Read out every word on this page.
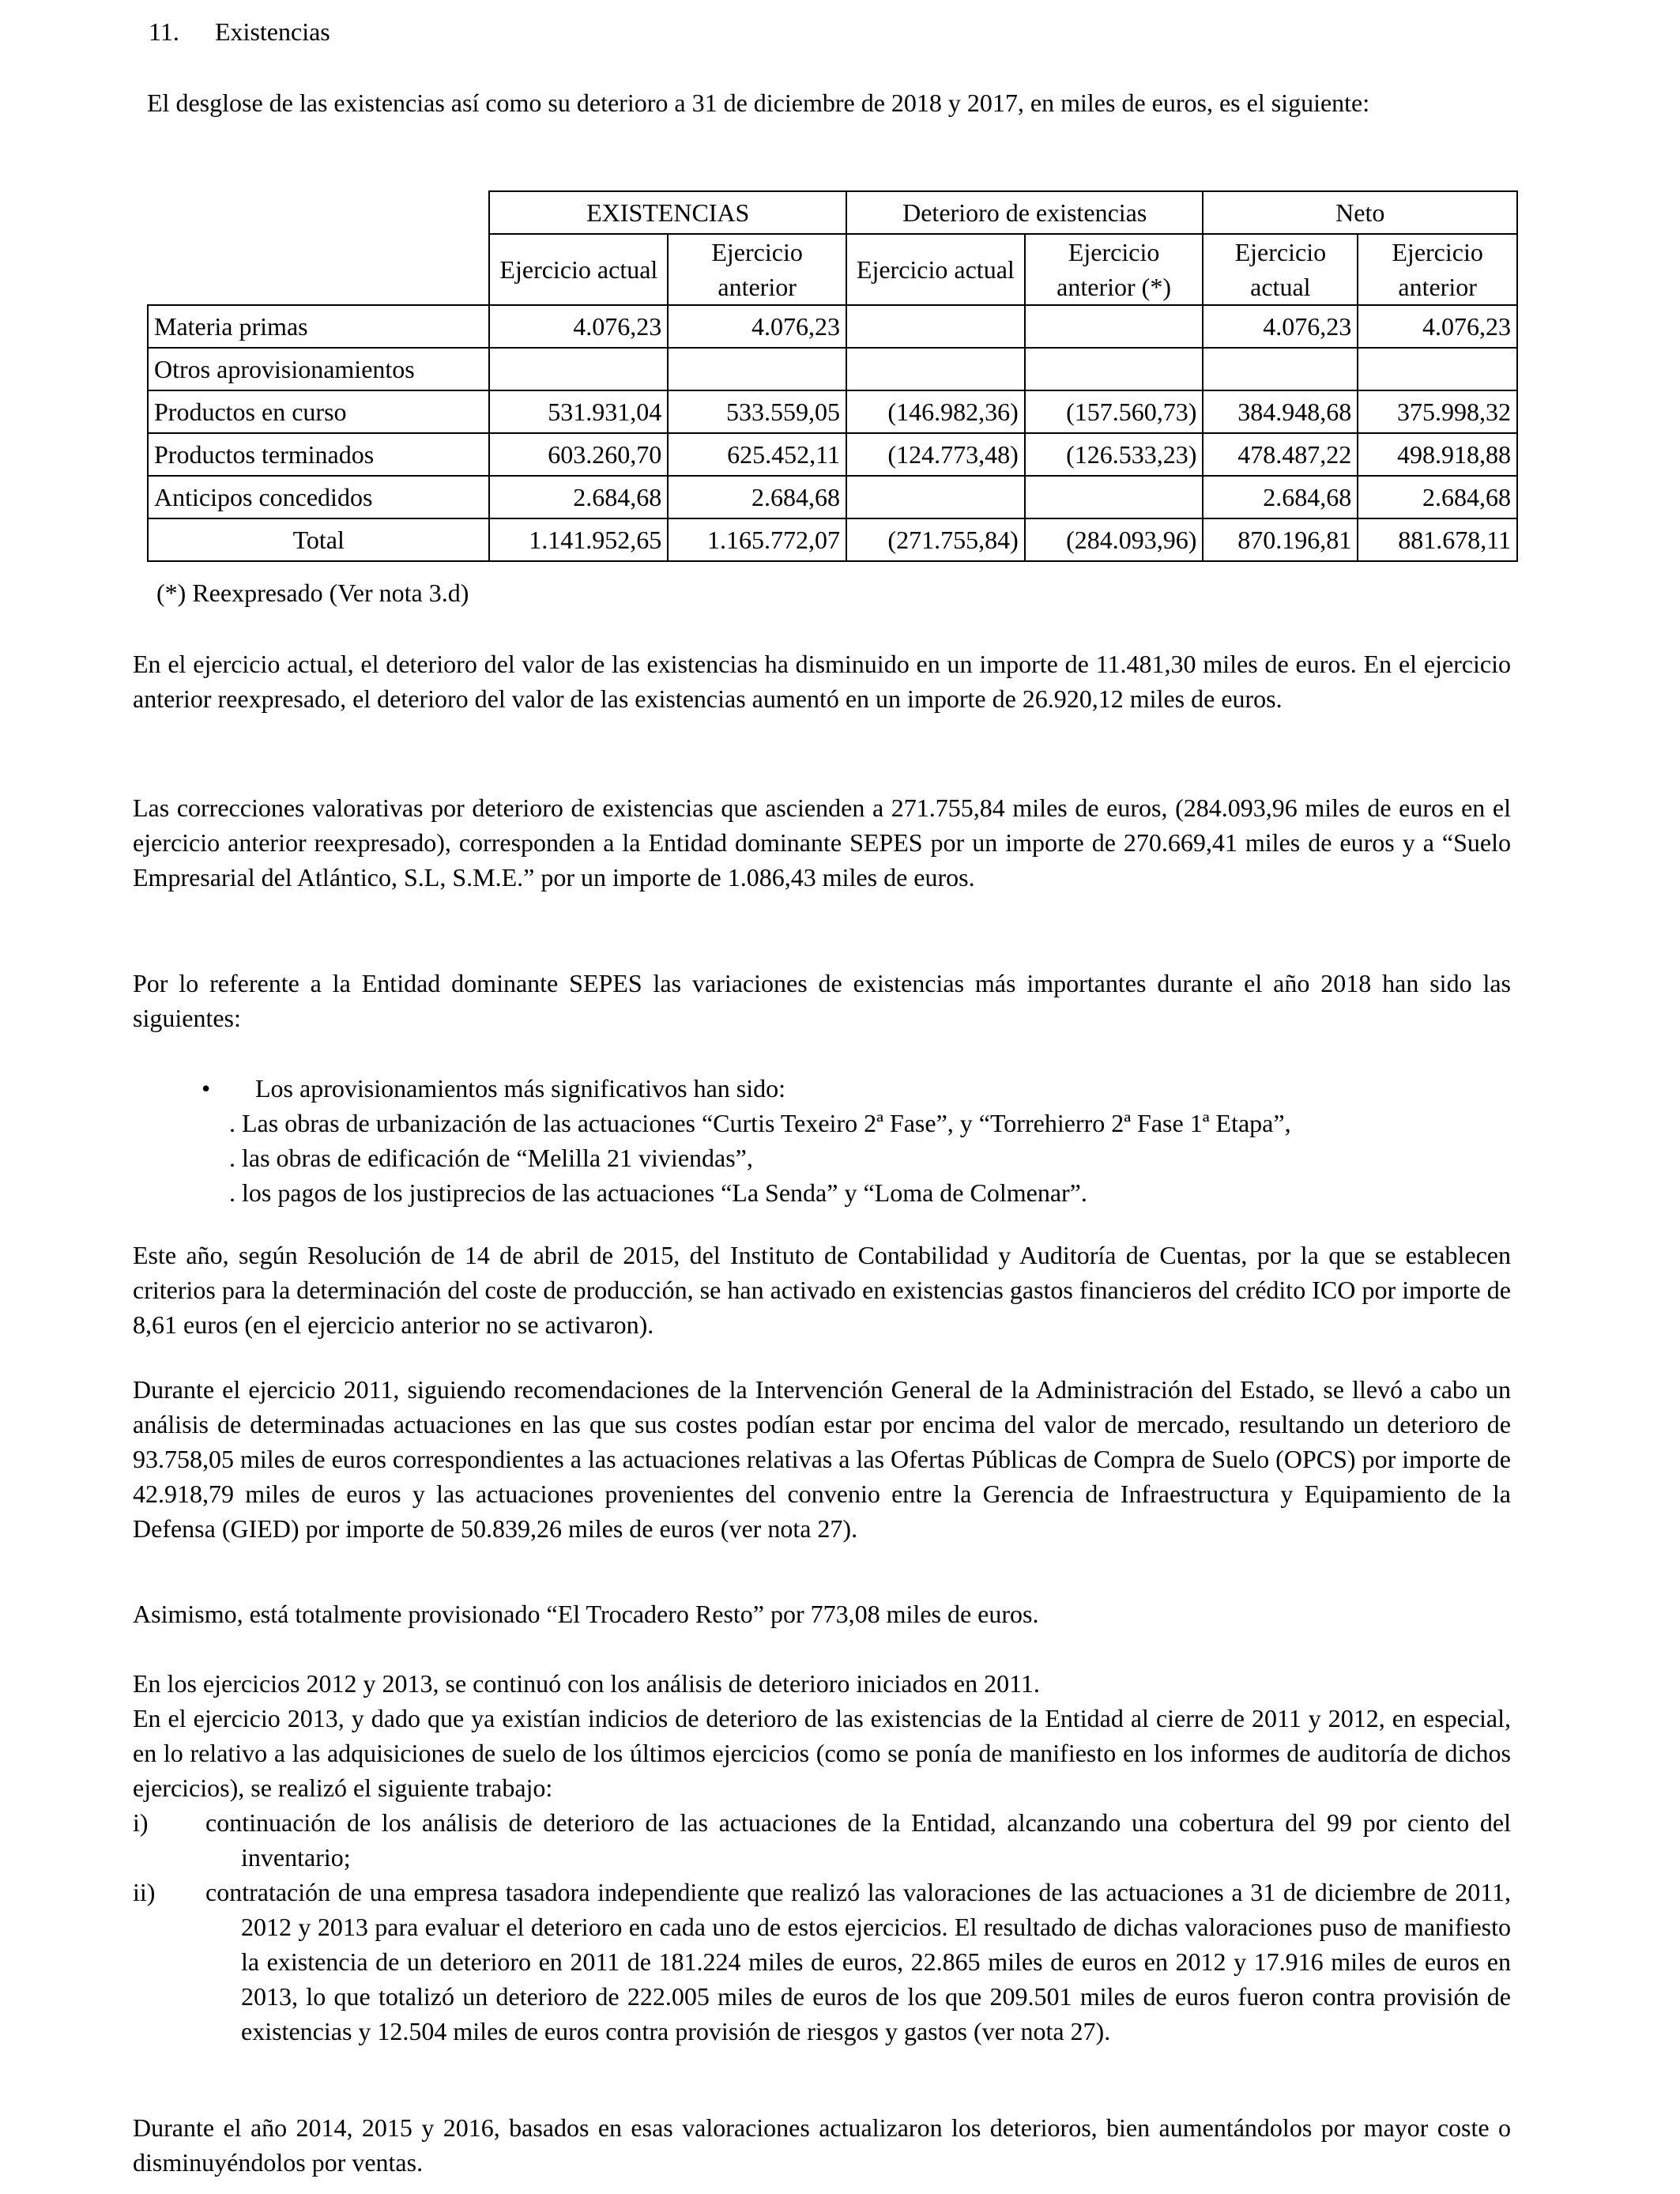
11. Existencias

El desglose de las existencias así como su deterioro a 31 de diciembre de 2018 y 2017, en miles de euros, es el siguiente:

	EXISTENCIAS		Deterioro de existencias		Neto	
	Ejercicio actual	Ejercicio anterior	Ejercicio actual	Ejercicio anterior (*)	Ejercicio actual	Ejercicio anterior
Materia primas	4.076,23	4.076,23			4.076,23	4.076,23
Otros aprovisionamientos						
Productos en curso	531.931,04	533.559,05	(146.982,36)	(157.560,73)	384.948,68	375.998,32
Productos terminados	603.260,70	625.452,11	(124.773,48)	(126.533,23)	478.487,22	498.918,88
Anticipos concedidos	2.684,68	2.684,68			2.684,68	2.684,68
Total	1.141.952,65	1.165.772,07	(271.755,84)	(284.093,96)	870.196,81	881.678,11
(*) Reexpresado (Ver nota 3.d)

En el ejercicio actual, el deterioro del valor de las existencias ha disminuido en un importe de 11.481,30 miles de euros. En el ejercicio anterior reexpresado, el deterioro del valor de las existencias aumentó en un importe de 26.920,12 miles de euros.

Las correcciones valorativas por deterioro de existencias que ascienden a 271.755,84 miles de euros, (284.093,96 miles de euros en el ejercicio anterior reexpresado), corresponden a la Entidad dominante SEPES por un importe de 270.669,41 miles de euros y a “Suelo Empresarial del Atlántico, S.L, S.M.E.” por un importe de 1.086,43 miles de euros.

Por lo referente a la Entidad dominante SEPES las variaciones de existencias más importantes durante el año 2018 han sido las siguientes:

• Los aprovisionamientos más significativos han sido:
. Las obras de urbanización de las actuaciones “Curtis Texeiro 2ª Fase”, y “Torrehierro 2ª Fase 1ª Etapa”,
. las obras de edificación de “Melilla 21 viviendas”,
. los pagos de los justiprecios de las actuaciones “La Senda” y “Loma de Colmenar”.

Este año, según Resolución de 14 de abril de 2015, del Instituto de Contabilidad y Auditoría de Cuentas, por la que se establecen criterios para la determinación del coste de producción, se han activado en existencias gastos financieros del crédito ICO por importe de 8,61 euros (en el ejercicio anterior no se activaron).

Durante el ejercicio 2011, siguiendo recomendaciones de la Intervención General de la Administración del Estado, se llevó a cabo un análisis de determinadas actuaciones en las que sus costes podían estar por encima del valor de mercado, resultando un deterioro de 93.758,05 miles de euros correspondientes a las actuaciones relativas a las Ofertas Públicas de Compra de Suelo (OPCS) por importe de 42.918,79 miles de euros y las actuaciones provenientes del convenio entre la Gerencia de Infraestructura y Equipamiento de la Defensa (GIED) por importe de 50.839,26 miles de euros (ver nota 27).

Asimismo, está totalmente provisionado “El Trocadero Resto” por 773,08 miles de euros.

En los ejercicios 2012 y 2013, se continuó con los análisis de deterioro iniciados en 2011.

En el ejercicio 2013, y dado que ya existían indicios de deterioro de las existencias de la Entidad al cierre de 2011 y 2012, en especial, en lo relativo a las adquisiciones de suelo de los últimos ejercicios (como se ponía de manifiesto en los informes de auditoría de dichos ejercicios), se realizó el siguiente trabajo:

i) continuación de los análisis de deterioro de las actuaciones de la Entidad, alcanzando una cobertura del 99 por ciento del inventario;
ii) contratación de una empresa tasadora independiente que realizó las valoraciones de las actuaciones a 31 de diciembre de 2011, 2012 y 2013 para evaluar el deterioro en cada uno de estos ejercicios. El resultado de dichas valoraciones puso de manifiesto la existencia de un deterioro en 2011 de 181.224 miles de euros, 22.865 miles de euros en 2012 y 17.916 miles de euros en 2013, lo que totalizó un deterioro de 222.005 miles de euros de los que 209.501 miles de euros fueron contra provisión de existencias y 12.504 miles de euros contra provisión de riesgos y gastos (ver nota 27).

Durante el año 2014, 2015 y 2016, basados en esas valoraciones actualizaron los deterioros, bien aumentándolos por mayor coste o disminuyéndolos por ventas.
